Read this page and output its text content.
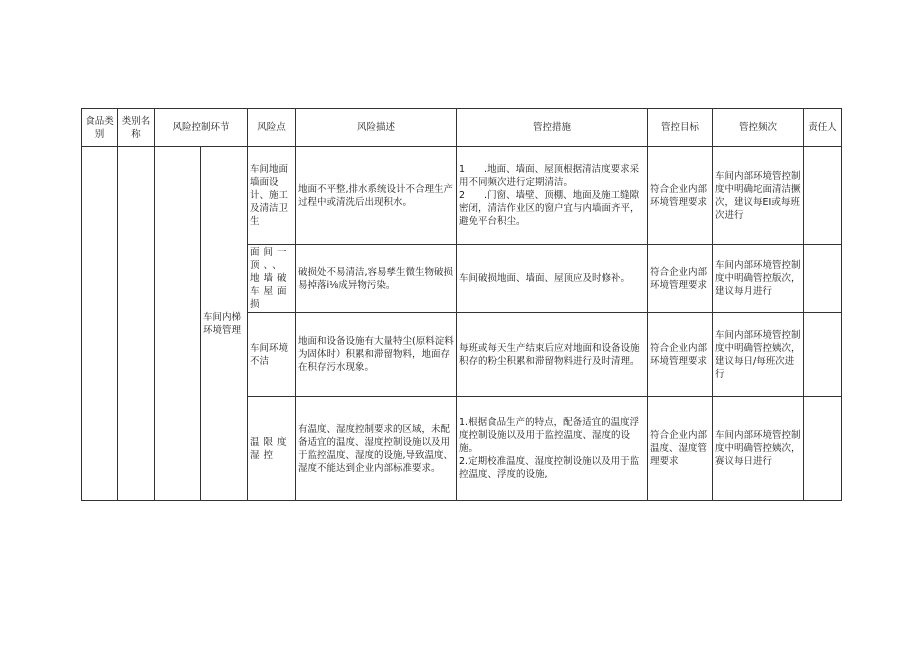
食品类别	类别名称	风险控制环节		风险点	风险描述	管控措施	管控目标	管控频次	责任人
			车间内梯环境管理	车间地面墙面设计、施工及清洁卫生	地面不平整,排水系统设计不合理生产过程中或清洗后出现积水。	1　　.地面、墙面、屋顶根据清洁度要求采用不同频次进行定期清洁。
2　　.门窗、墙壁、顶棚、地面及施工缝隙密闭，清洁作业区的窗户宜与内墙面齐平，避免平台积尘。	符合企业内部环境管理要求	车间内部环境管控制度中明确坨面清洁撅次，建议每EI或每班次进行	
				面间一顶、、地墙破车屋面损	破损处不易清洁,容易孳生微生物破损易掉落i⅛成异物污染。	车间破损地面、墙面、屋顶应及时修补。	符合企业内部环境管理要求	车间内部环境管控制度中明确管控版次，建议每月进行	
				车间环境不洁	地面和设备设施有大量特尘(原料淀料为固体时）积累和滞留物料，地面存在积存污水现象。	每班或每天生产结束后应对地面和设备设施积存的粉尘积累和滞留物料进行及时清理。	符合企业内部环境管理要求	车间内部环境管控制度中明确管控姨次，建议每日/每班次进行	
				温限度湿控	有温度、湿度控制要求的区域，未配备适宜的温度、湿度控制设施以及用于监控温度、湿度的设施,导致温度、湿度不能达到企业内部标准要求。	1.根据食品生产的特点，配备适宜的温度浮度控制设施以及用于监控温度、湿度的设施。
2.定期校准温度、湿度控制设施以及用于监控温度、浮度的设施,	符合企业内部温度、湿度管理要求	车间内部环境管控制度中明确管控姨次，赛议每日进行	
